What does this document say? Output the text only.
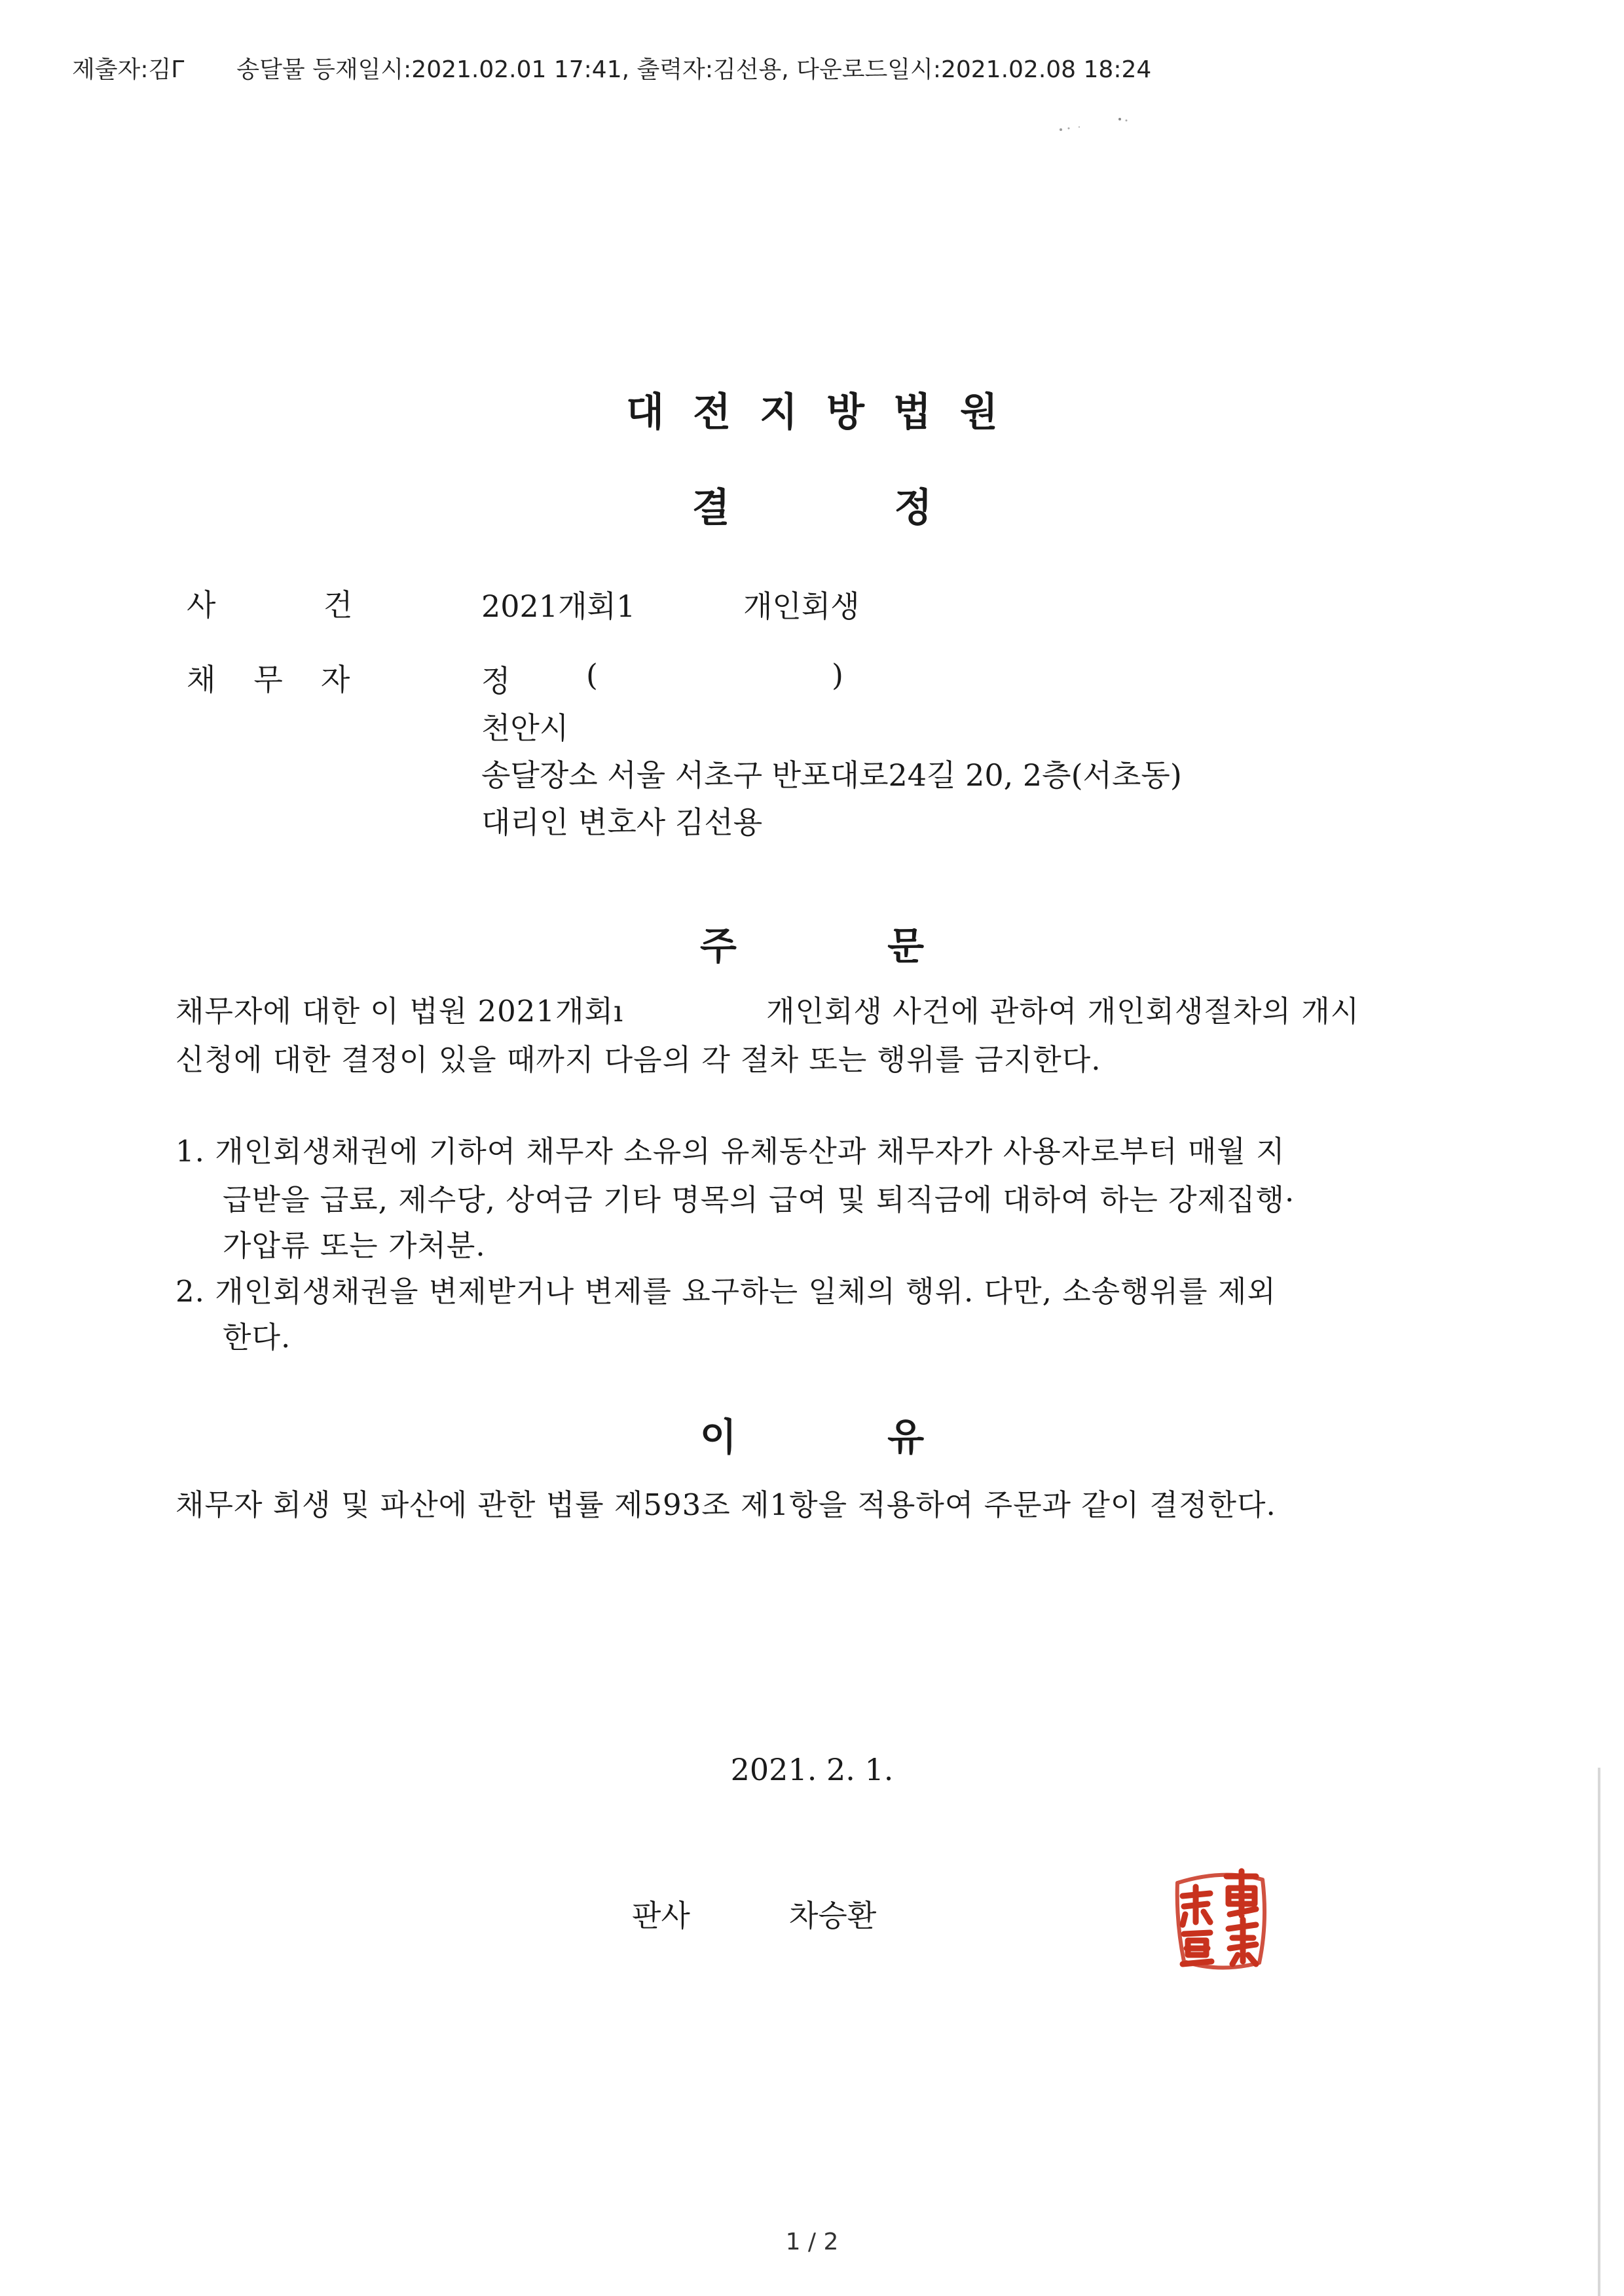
제출자:김Γ 송달물 등재일시:2021.02.01 17:41, 출력자:김선용, 다운로드일시:2021.02.08 18:24
대전지방법원
결 정
사 건	2021개회1	개인회생
채무자	정	(	)
천안시
송달장소 서울 서초구 반포대로24길 20, 2층(서초동)
대리인 변호사 김선용
주 문
채무자에 대한 이 법원 2021개회ı	개인회생 사건에 관하여 개인회생절차의 개시
신청에 대한 결정이 있을 때까지 다음의 각 절차 또는 행위를 금지한다.
1. 개인회생채권에 기하여 채무자 소유의 유체동산과 채무자가 사용자로부터 매월 지
급받을 급료, 제수당, 상여금 기타 명목의 급여 및 퇴직금에 대하여 하는 강제집행·
가압류 또는 가처분.
2. 개인회생채권을 변제받거나 변제를 요구하는 일체의 행위. 다만, 소송행위를 제외
한다.
이 유
채무자 회생 및 파산에 관한 법률 제593조 제1항을 적용하여 주문과 같이 결정한다.
2021. 2. 1.
판사	차승환
1 / 2
